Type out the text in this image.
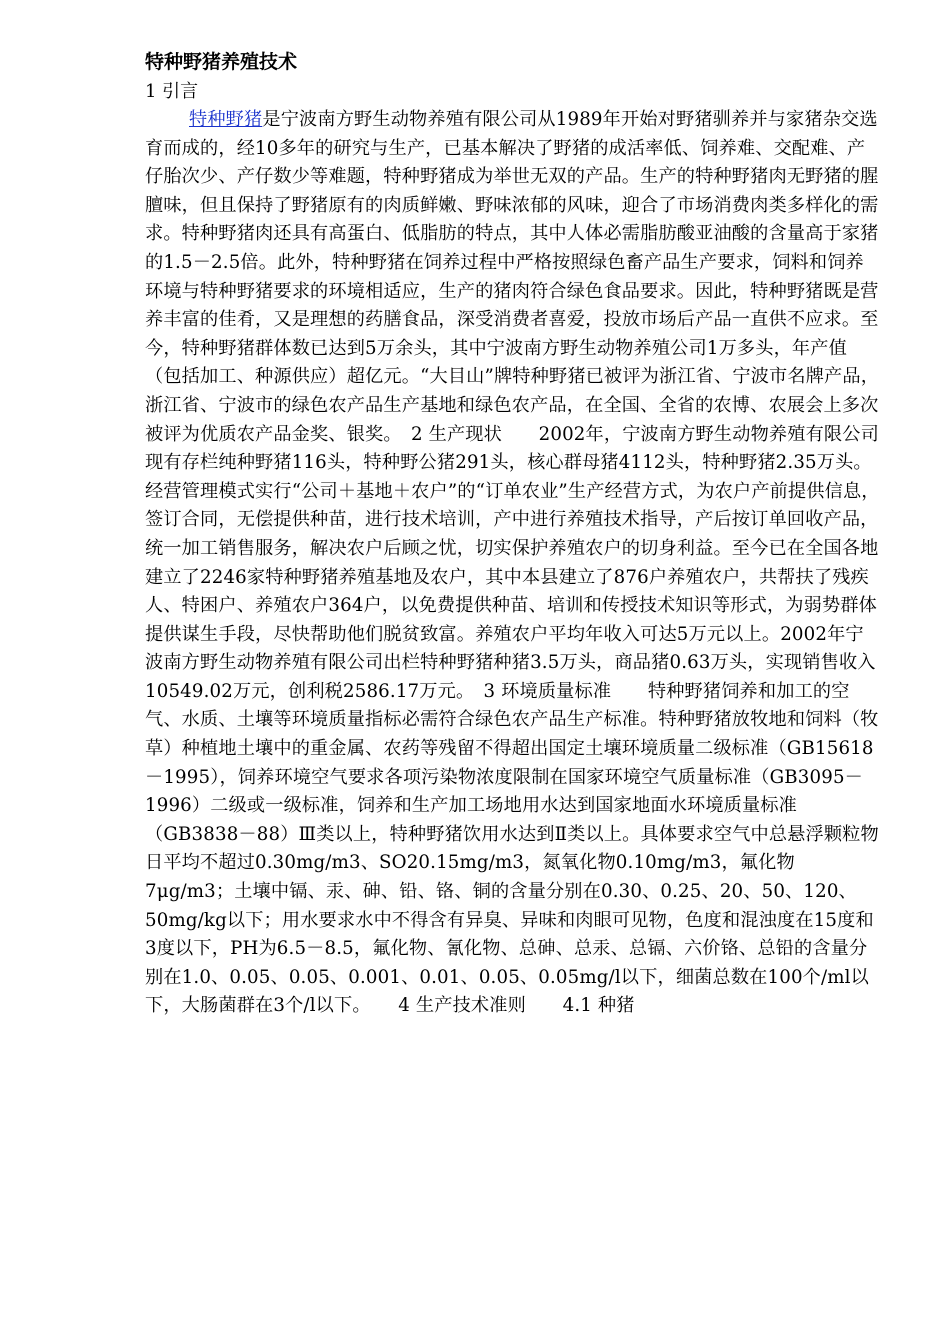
特种野猪养殖技术
1 引言

特种野猪是宁波南方野生动物养殖有限公司从1989年开始对野猪驯养并与家猪杂交选育而成的，经10多年的研究与生产，已基本解决了野猪的成活率低、饲养难、交配难、产仔胎次少、产仔数少等难题，特种野猪成为举世无双的产品。生产的特种野猪肉无野猪的腥膻味，但且保持了野猪原有的肉质鲜嫩、野味浓郁的风味，迎合了市场消费肉类多样化的需求。特种野猪肉还具有高蛋白、低脂肪的特点，其中人体必需脂肪酸亚油酸的含量高于家猪的1.5－2.5倍。此外，特种野猪在饲养过程中严格按照绿色畜产品生产要求，饲料和饲养环境与特种野猪要求的环境相适应，生产的猪肉符合绿色食品要求。因此，特种野猪既是营养丰富的佳肴，又是理想的药膳食品，深受消费者喜爱，投放市场后产品一直供不应求。至今，特种野猪群体数已达到5万余头，其中宁波南方野生动物养殖公司1万多头，年产值（包括加工、种源供应）超亿元。“大目山”牌特种野猪已被评为浙江省、宁波市名牌产品，浙江省、宁波市的绿色农产品生产基地和绿色农产品，在全国、全省的农博、农展会上多次被评为优质农产品金奖、银奖。　2 生产现状　　2002年，宁波南方野生动物养殖有限公司现有存栏纯种野猪116头，特种野公猪291头，核心群母猪4112头，特种野猪2.35万头。经营管理模式实行“公司＋基地＋农户”的“订单农业”生产经营方式，为农户产前提供信息，签订合同，无偿提供种苗，进行技术培训，产中进行养殖技术指导，产后按订单回收产品，统一加工销售服务，解决农户后顾之忧，切实保护养殖农户的切身利益。至今已在全国各地建立了2246家特种野猪养殖基地及农户，其中本县建立了876户养殖农户，共帮扶了残疾人、特困户、养殖农户364户，以免费提供种苗、培训和传授技术知识等形式，为弱势群体提供谋生手段，尽快帮助他们脱贫致富。养殖农户平均年收入可达5万元以上。2002年宁波南方野生动物养殖有限公司出栏特种野猪种猪3.5万头，商品猪0.63万头，实现销售收入10549.02万元，创利税2586.17万元。　3 环境质量标准　　特种野猪饲养和加工的空气、水质、土壤等环境质量指标必需符合绿色农产品生产标准。特种野猪放牧地和饲料（牧草）种植地土壤中的重金属、农药等残留不得超出国定土壤环境质量二级标准（GB15618－1995），饲养环境空气要求各项污染物浓度限制在国家环境空气质量标准（GB3095－1996）二级或一级标准，饲养和生产加工场地用水达到国家地面水环境质量标准（GB3838－88）Ⅲ类以上，特种野猪饮用水达到Ⅱ类以上。具体要求空气中总悬浮颗粒物日平均不超过0.30mg/m3、SO20.15mg/m3，氮氧化物0.10mg/m3，氟化物7μg/m3；土壤中镉、汞、砷、铅、铬、铜的含量分别在0.30、0.25、20、50、120、50mg/kg以下；用水要求水中不得含有异臭、异味和肉眼可见物，色度和混浊度在15度和3度以下，PH为6.5－8.5，氟化物、氰化物、总砷、总汞、总镉、六价铬、总铅的含量分别在1.0、0.05、0.05、0.001、0.01、0.05、0.05mg/l以下，细菌总数在100个/ml以下，大肠菌群在3个/l以下。　　4 生产技术准则　　4.1 种猪
